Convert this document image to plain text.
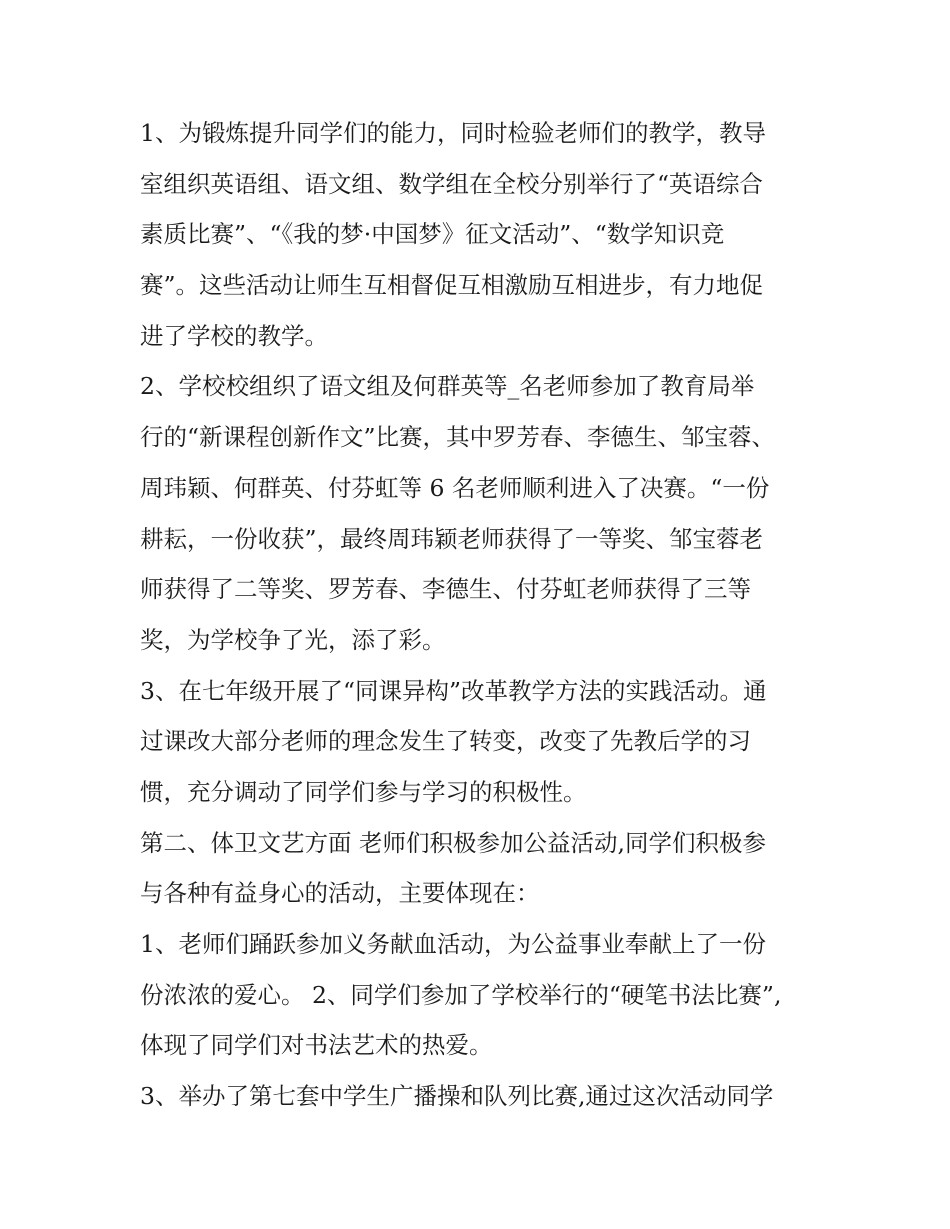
1、为锻炼提升同学们的能力，同时检验老师们的教学，教导
室组织英语组、语文组、数学组在全校分别举行了“英语综合
素质比赛”、“《我的梦·中国梦》征文活动”、“数学知识竞
赛”。这些活动让师生互相督促互相激励互相进步，有力地促
进了学校的教学。
2、学校校组织了语文组及何群英等_名老师参加了教育局举
行的“新课程创新作文”比赛，其中罗芳春、李德生、邹宝蓉、
周玮颖、何群英、付芬虹等 6 名老师顺利进入了决赛。“一份
耕耘，一份收获”，最终周玮颖老师获得了一等奖、邹宝蓉老
师获得了二等奖、罗芳春、李德生、付芬虹老师获得了三等
奖，为学校争了光，添了彩。
3、在七年级开展了“同课异构”改革教学方法的实践活动。通
过课改大部分老师的理念发生了转变，改变了先教后学的习
惯，充分调动了同学们参与学习的积极性。
第二、体卫文艺方面 老师们积极参加公益活动,同学们积极参
与各种有益身心的活动，主要体现在：
1、老师们踊跃参加义务献血活动，为公益事业奉献上了一份
份浓浓的爱心。 2、同学们参加了学校举行的“硬笔书法比赛”,
体现了同学们对书法艺术的热爱。
3、举办了第七套中学生广播操和队列比赛,通过这次活动同学
